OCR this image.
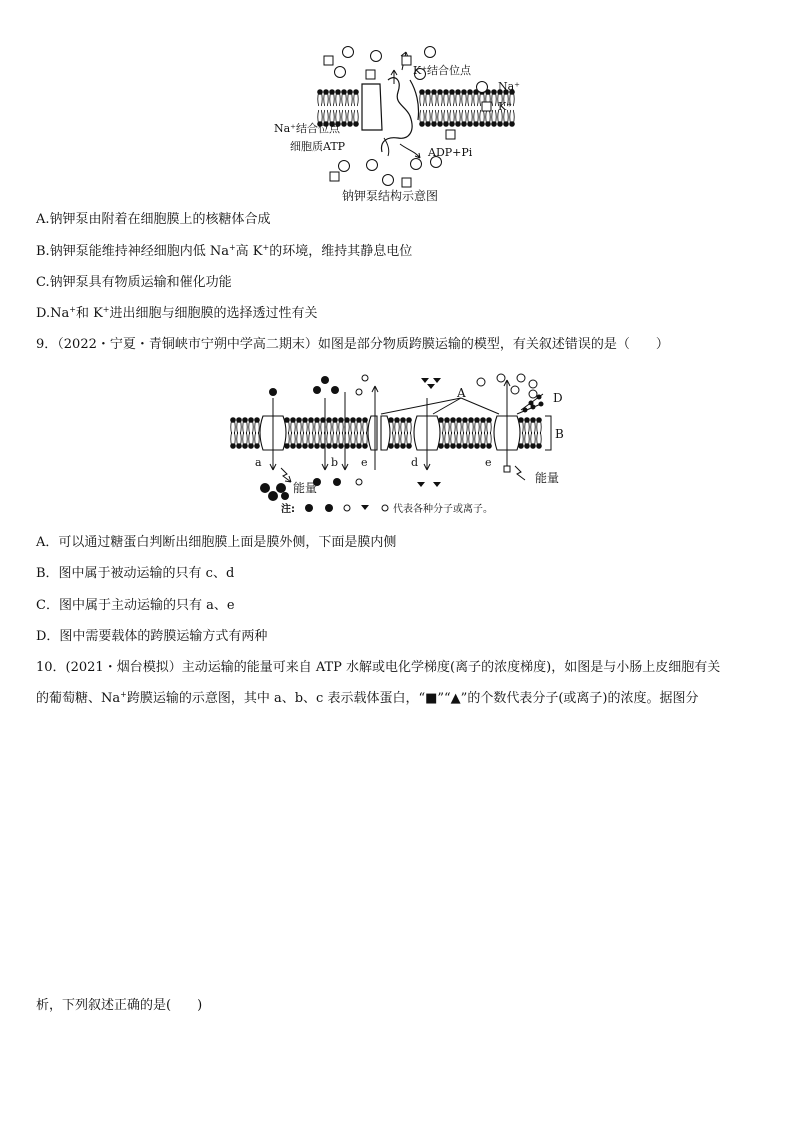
K⁺结合位点
Na⁺结合位点
细胞质ATP	ADP+Pi
Na⁺
K⁺
钠钾泵结构示意图
A.钠钾泵由附着在细胞膜上的核糖体合成
B.钠钾泵能维持神经细胞内低 Na+高 K+的环境，维持其静息电位
C.钠钾泵具有物质运输和催化功能
D.Na+和 K+进出细胞与细胞膜的选择透过性有关
9．（2022・宁夏・青铜峡市宁朔中学高二期末）如图是部分物质跨膜运输的模型，有关叙述错误的是（　　）
A
B
D
a	b e	d	e
能量
能量
注:	代表各种分子或离子。
A．可以通过糖蛋白判断出细胞膜上面是膜外侧，下面是膜内侧
B．图中属于被动运输的只有 c、d
C．图中属于主动运输的只有 a、e
D．图中需要载体的跨膜运输方式有两种
10．(2021・烟台模拟）主动运输的能量可来自 ATP 水解或电化学梯度(离子的浓度梯度)，如图是与小肠上皮细胞有关
的葡萄糖、Na+跨膜运输的示意图，其中 a、b、c 表示载体蛋白，“■”“▲”的个数代表分子(或离子)的浓度。据图分
析，下列叙述正确的是(　　)
